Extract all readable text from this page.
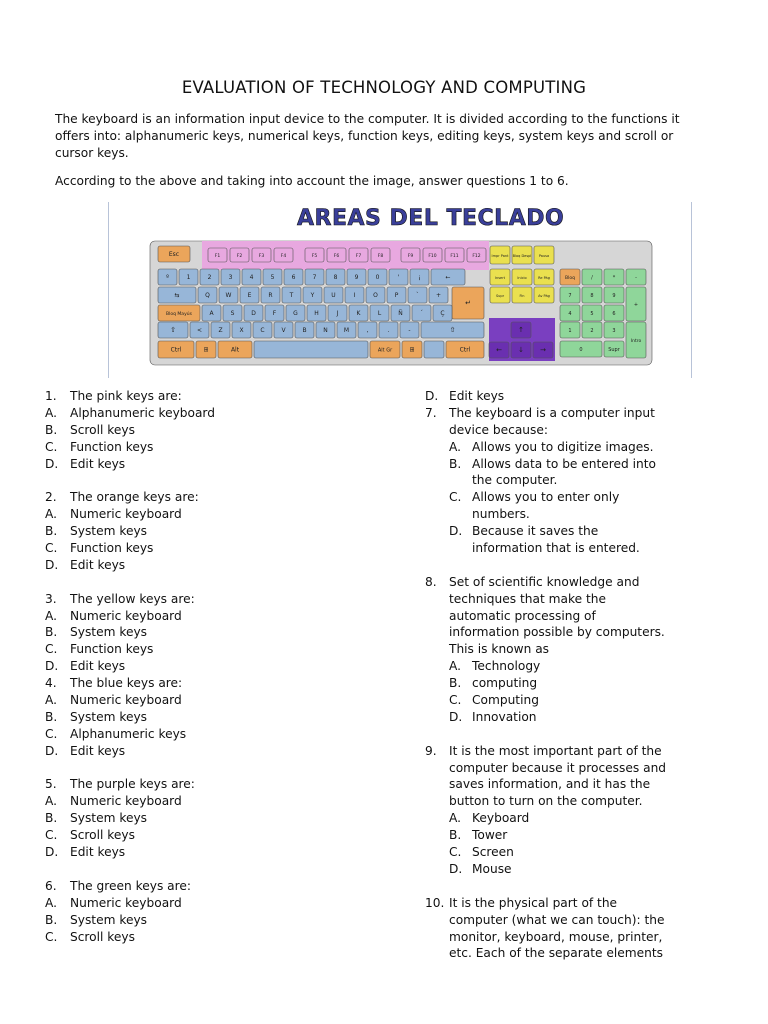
EVALUATION OF TECHNOLOGY AND COMPUTING
The keyboard is an information input device to the computer. It is divided according to the functions it offers into: alphanumeric keys, numerical keys, function keys, editing keys, system keys and scroll or cursor keys.
According to the above and taking into account the image, answer questions 1 to 6.
Esc	F1	F2	F3	F4	F5	F6	F7	F8	F9	F10	F11	F12	Impr Pant Bloq Despl Pausa
Insert	Inicio	Re Pág
Supr	Fin	Av Pág
º	1	2	3	4	5	6	7	8	9	0	'	¡	←
⇆	Q	W	E	R	T	Y	U	I	O	P	`	+
↵
Bloq Mayús	A	S	D	F	G	H	J	K	L	Ñ	´	Ç
⇧	<	Z	X	C	V	B	N	M	,	.	-	⇧
Ctrl	⊞	Alt	Alt Gr	⊞	Ctrl
↑
← ↓ →
Bloq	/	*	-
7	8	9
+
4	5	6
1	2	3
0	Supr
Intro
AREAS DEL TECLADO
1. The pink keys are:
A. Alphanumeric keyboard
B. Scroll keys
C. Function keys
D. Edit keys
2. The orange keys are:
A. Numeric keyboard
B. System keys
C. Function keys
D. Edit keys
3. The yellow keys are:
A. Numeric keyboard
B. System keys
C. Function keys
D. Edit keys
4. The blue keys are:
A. Numeric keyboard
B. System keys
C. Alphanumeric keys
D. Edit keys
5. The purple keys are:
A. Numeric keyboard
B. System keys
C. Scroll keys
D. Edit keys
6. The green keys are:
A. Numeric keyboard
B. System keys
C. Scroll keys
D. Edit keys
7. The keyboard is a computer input
device because:
A. Allows you to digitize images.
B. Allows data to be entered into
the computer.
C. Allows you to enter only
numbers.
D. Because it saves the
information that is entered.
8. Set of scientific knowledge and
techniques that make the
automatic processing of
information possible by computers.
This is known as
A. Technology
B. computing
C. Computing
D. Innovation
9. It is the most important part of the
computer because it processes and
saves information, and it has the
button to turn on the computer.
A. Keyboard
B. Tower
C. Screen
D. Mouse
10. It is the physical part of the
computer (what we can touch): the
monitor, keyboard, mouse, printer,
etc. Each of the separate elements
